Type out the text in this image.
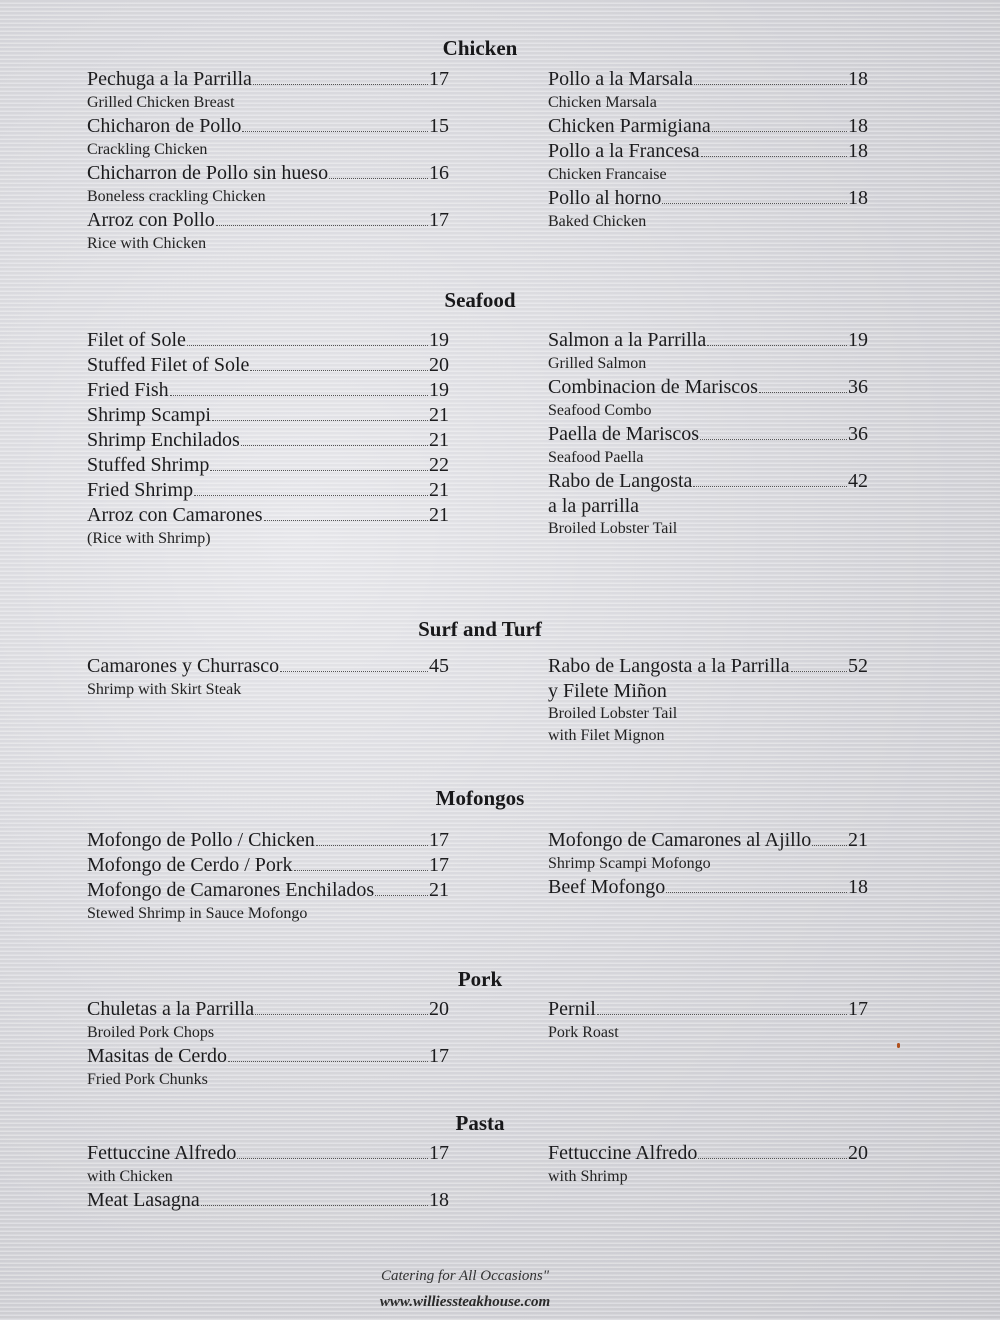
Chicken
Pechuga a la Parrilla	17
Grilled Chicken Breast
Chicharon de Pollo	15
Crackling Chicken
Chicharron de Pollo sin hueso	16
Boneless crackling Chicken
Arroz con Pollo	17
Rice with Chicken
Pollo a la Marsala	18
Chicken Marsala
Chicken Parmigiana	18
Pollo a la Francesa	18
Chicken Francaise
Pollo al horno	18
Baked Chicken
Seafood
Filet of Sole	19
Stuffed Filet of Sole	20
Fried Fish	19
Shrimp Scampi	21
Shrimp Enchilados	21
Stuffed Shrimp	22
Fried Shrimp	21
Arroz con Camarones	21
(Rice with Shrimp)
Salmon a la Parrilla	19
Grilled Salmon
Combinacion de Mariscos	36
Seafood Combo
Paella de Mariscos	36
Seafood Paella
Rabo de Langosta	42
a la parrilla
Broiled Lobster Tail
Surf and Turf
Camarones y Churrasco	45
Shrimp with Skirt Steak
Rabo de Langosta a la Parrilla	52
y Filete Miñon
Broiled Lobster Tail
with Filet Mignon
Mofongos
Mofongo de Pollo / Chicken	17
Mofongo de Cerdo / Pork	17
Mofongo de Camarones Enchilados	21
Stewed Shrimp in Sauce Mofongo
Mofongo de Camarones al Ajillo 21
Shrimp Scampi Mofongo
Beef Mofongo	18
Pork
Chuletas a la Parrilla	20
Broiled Pork Chops
Masitas de Cerdo	17
Fried Pork Chunks
Pernil	17
Pork Roast
Pasta
Fettuccine Alfredo	17
with Chicken
Meat Lasagna	18
Fettuccine Alfredo	20
with Shrimp
Catering for All Occasions"
www.williessteakhouse.com
